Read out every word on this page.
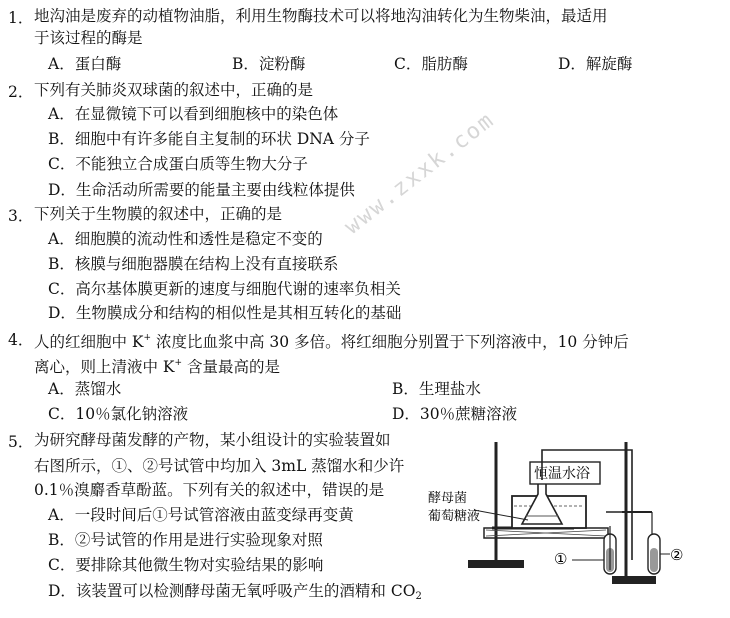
www.zxxk.com
1． 地沟油是废弃的动植物油脂，利用生物酶技术可以将地沟油转化为生物柴油，最适用
于该过程的酶是
A．蛋白酶	B．淀粉酶	C．脂肪酶	D．解旋酶
2． 下列有关肺炎双球菌的叙述中，正确的是
A．在显微镜下可以看到细胞核中的染色体
B．细胞中有许多能自主复制的环状 DNA 分子
C．不能独立合成蛋白质等生物大分子
D．生命活动所需要的能量主要由线粒体提供
3． 下列关于生物膜的叙述中，正确的是
A．细胞膜的流动性和透性是稳定不变的
B．核膜与细胞器膜在结构上没有直接联系
C．高尔基体膜更新的速度与细胞代谢的速率负相关
D．生物膜成分和结构的相似性是其相互转化的基础
4． 人的红细胞中 K+ 浓度比血浆中高 30 多倍。将红细胞分别置于下列溶液中，10 分钟后
离心，则上清液中 K+ 含量最高的是
A．蒸馏水	B．生理盐水
C．10％氯化钠溶液	D．30％蔗糖溶液
5． 为研究酵母菌发酵的产物，某小组设计的实验装置如
右图所示，①、②号试管中均加入 3mL 蒸馏水和少许
0.1％溴麝香草酚蓝。下列有关的叙述中，错误的是
A．一段时间后①号试管溶液由蓝变绿再变黄
B．②号试管的作用是进行实验现象对照
C．要排除其他微生物对实验结果的影响
D．该装置可以检测酵母菌无氧呼吸产生的酒精和 $CO_2$
恒温水浴
酵母菌
葡萄糖液
①	②
